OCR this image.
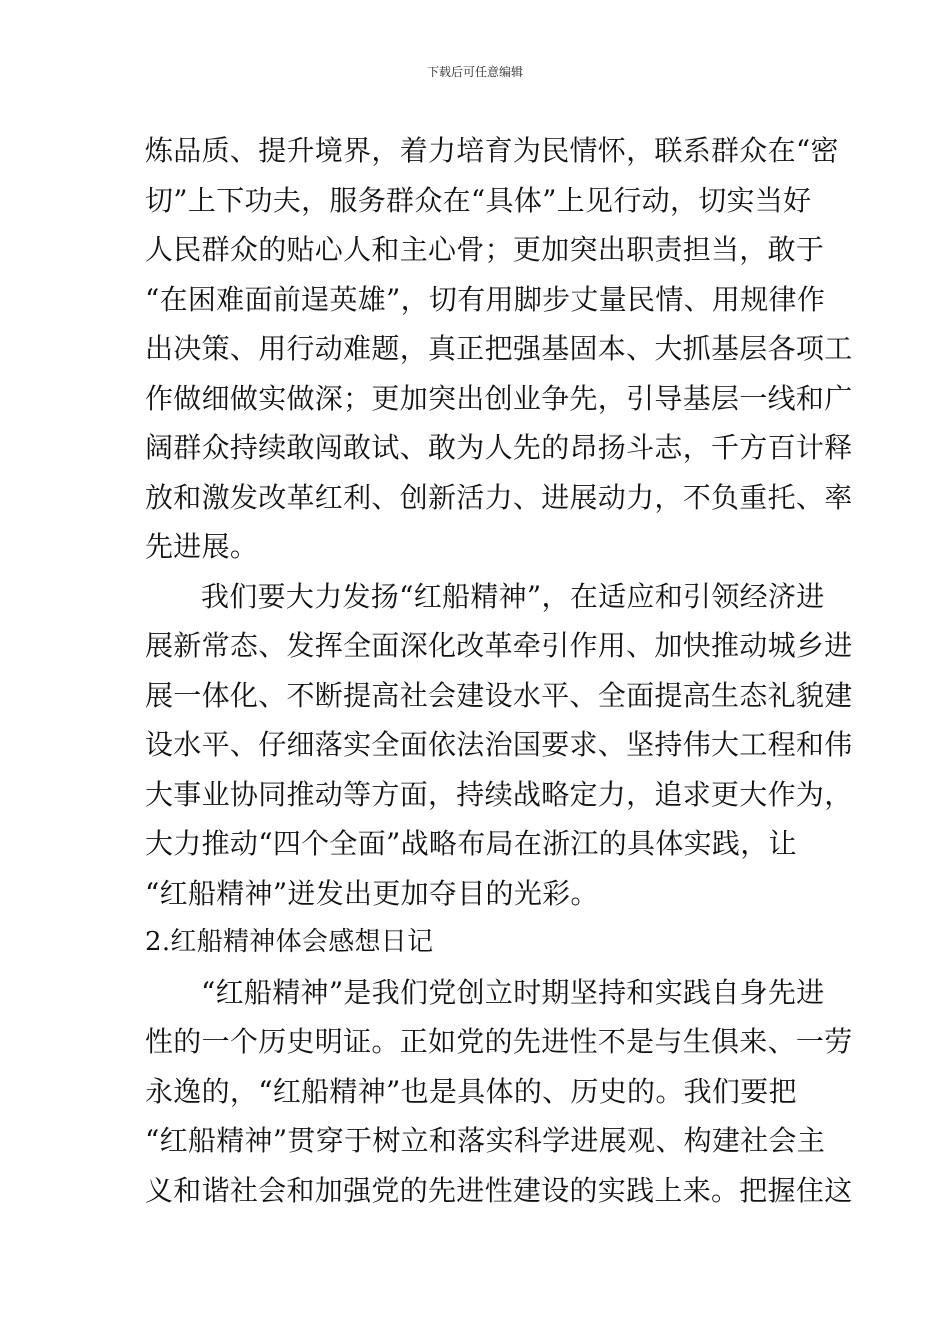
下载后可任意编辑
炼品质、提升境界，着力培育为民情怀，联系群众在“密
切”上下功夫，服务群众在“具体”上见行动，切实当好
人民群众的贴心人和主心骨；更加突出职责担当，敢于
“在困难面前逞英雄”，切有用脚步丈量民情、用规律作
出决策、用行动难题，真正把强基固本、大抓基层各项工
作做细做实做深；更加突出创业争先，引导基层一线和广
阔群众持续敢闯敢试、敢为人先的昂扬斗志，千方百计释
放和激发改革红利、创新活力、进展动力，不负重托、率
先进展。
我们要大力发扬“红船精神”，在适应和引领经济进
展新常态、发挥全面深化改革牵引作用、加快推动城乡进
展一体化、不断提高社会建设水平、全面提高生态礼貌建
设水平、仔细落实全面依法治国要求、坚持伟大工程和伟
大事业协同推动等方面，持续战略定力，追求更大作为，
大力推动“四个全面”战略布局在浙江的具体实践，让
“红船精神”迸发出更加夺目的光彩。
2.红船精神体会感想日记
“红船精神”是我们党创立时期坚持和实践自身先进
性的一个历史明证。正如党的先进性不是与生俱来、一劳
永逸的，“红船精神”也是具体的、历史的。我们要把
“红船精神”贯穿于树立和落实科学进展观、构建社会主
义和谐社会和加强党的先进性建设的实践上来。把握住这
